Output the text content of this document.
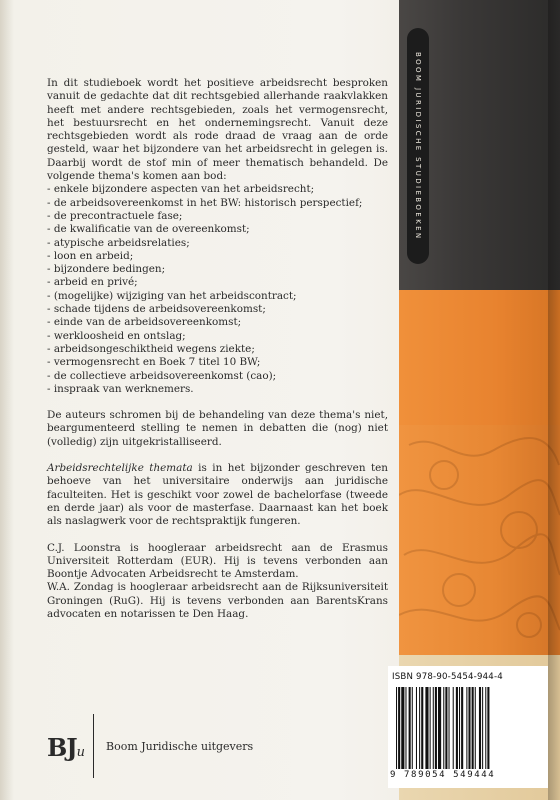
BOOM JURIDISCHE STUDIEBOEKEN

In dit studieboek wordt het positieve arbeidsrecht besproken vanuit de gedachte dat dit rechtsgebied allerhande raakvlakken heeft met andere rechtsgebieden, zoals het vermogensrecht, het bestuursrecht en het ondernemingsrecht. Vanuit deze rechtsgebieden wordt als rode draad de vraag aan de orde gesteld, waar het bijzondere van het arbeidsrecht in gelegen is. Daarbij wordt de stof min of meer thematisch behandeld. De volgende thema's komen aan bod:

- enkele bijzondere aspecten van het arbeidsrecht;
- de arbeidsovereenkomst in het BW: historisch perspectief;
- de precontractuele fase;
- de kwalificatie van de overeenkomst;
- atypische arbeidsrelaties;
- loon en arbeid;
- bijzondere bedingen;
- arbeid en privé;
- (mogelijke) wijziging van het arbeidscontract;
- schade tijdens de arbeidsovereenkomst;
- einde van de arbeidsovereenkomst;
- werkloosheid en ontslag;
- arbeidsongeschiktheid wegens ziekte;
- vermogensrecht en Boek 7 titel 10 BW;
- de collectieve arbeidsovereenkomst (cao);
- inspraak van werknemers.

De auteurs schromen bij de behandeling van deze thema's niet, beargumenteerd stelling te nemen in debatten die (nog) niet (volledig) zijn uitgekristalliseerd.

Arbeidsrechtelijke thematа is in het bijzonder geschreven ten behoeve van het universitaire onderwijs aan juridische faculteiten. Het is geschikt voor zowel de bachelorfase (tweede en derde jaar) als voor de masterfase. Daarnaast kan het boek als naslagwerk voor de rechtspraktijk fungeren.

C.J. Loonstra is hoogleraar arbeidsrecht aan de Erasmus Universiteit Rotterdam (EUR). Hij is tevens verbonden aan Boontje Advocaten Arbeidsrecht te Amsterdam.

W.A. Zondag is hoogleraar arbeidsrecht aan de Rijksuniversiteit Groningen (RuG). Hij is tevens verbonden aan BarentsKrans advocaten en notarissen te Den Haag.

BJu Boom Juridische uitgevers
ISBN 978-90-5454-944-4
9 789054 549444
